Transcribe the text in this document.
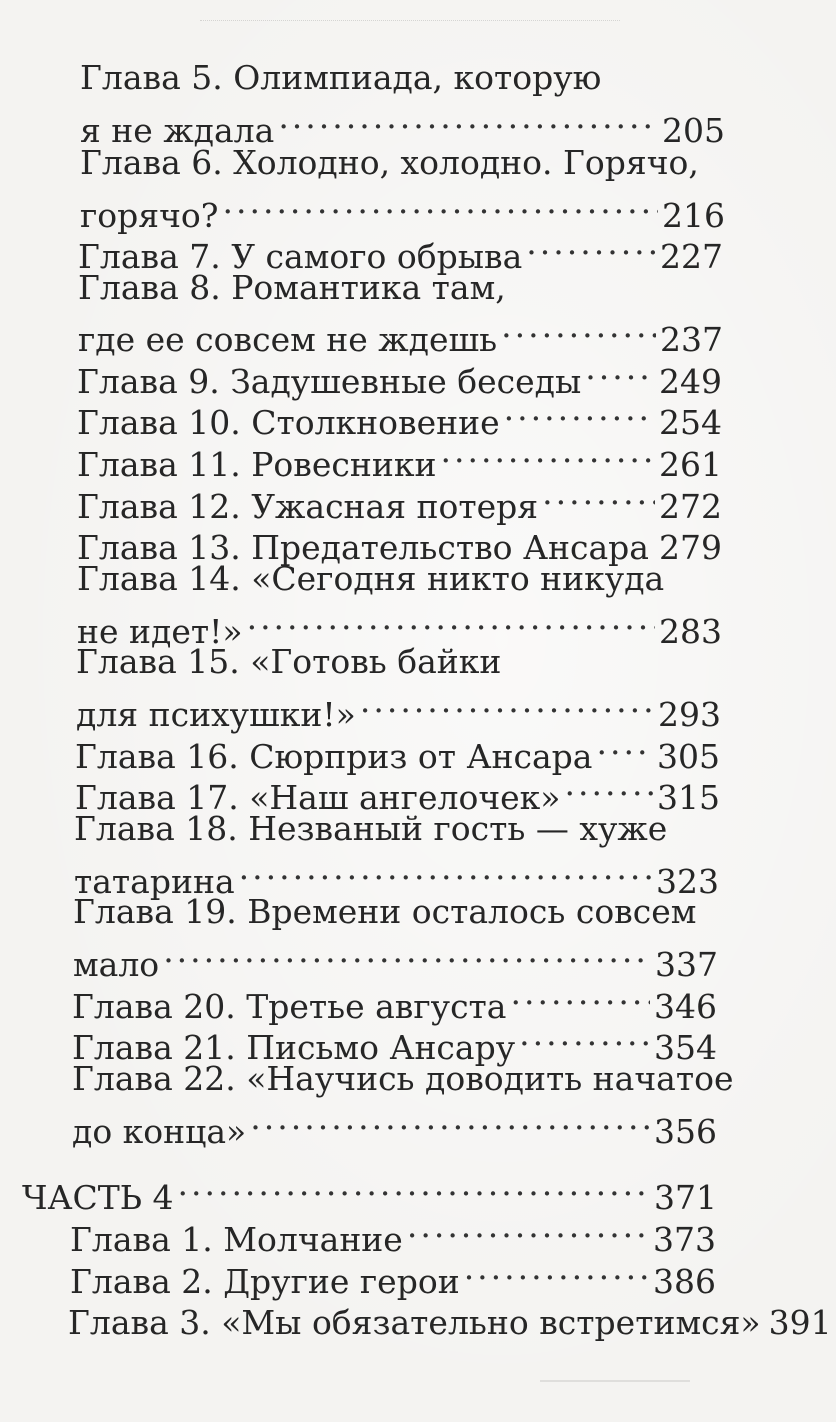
Глава 5. Олимпиада, которую
я не ждала .....	205
Глава 6. Холодно, холодно. Горячо,
горячо? .....	216
Глава 7. У самого обрыва .....	227
Глава 8. Романтика там,
где ее совсем не ждешь .....	237
Глава 9. Задушевные беседы ..... 249
Глава 10. Столкновение .....	254
Глава 11. Ровесники .....	261
Глава 12. Ужасная потеря .....	272
Глава 13. Предательство Ансара ..... 279
Глава 14. «Сегодня никто никуда
не идет!» .....	283
Глава 15. «Готовь байки
для психушки!» .....	293
Глава 16. Сюрприз от Ансара ..... 305
Глава 17. «Наш ангелочек» .....	315
Глава 18. Незваный гость — хуже
татарина .....	323
Глава 19. Времени осталось совсем
мало .....	337
Глава 20. Третье августа .....	346
Глава 21. Письмо Ансару .....	354
Глава 22. «Научись доводить начатое
до конца» .....	356
ЧАСТЬ 4 .....	371
Глава 1. Молчание .....	373
Глава 2. Другие герои .....	386
Глава 3. «Мы обязательно встретимся» 391
